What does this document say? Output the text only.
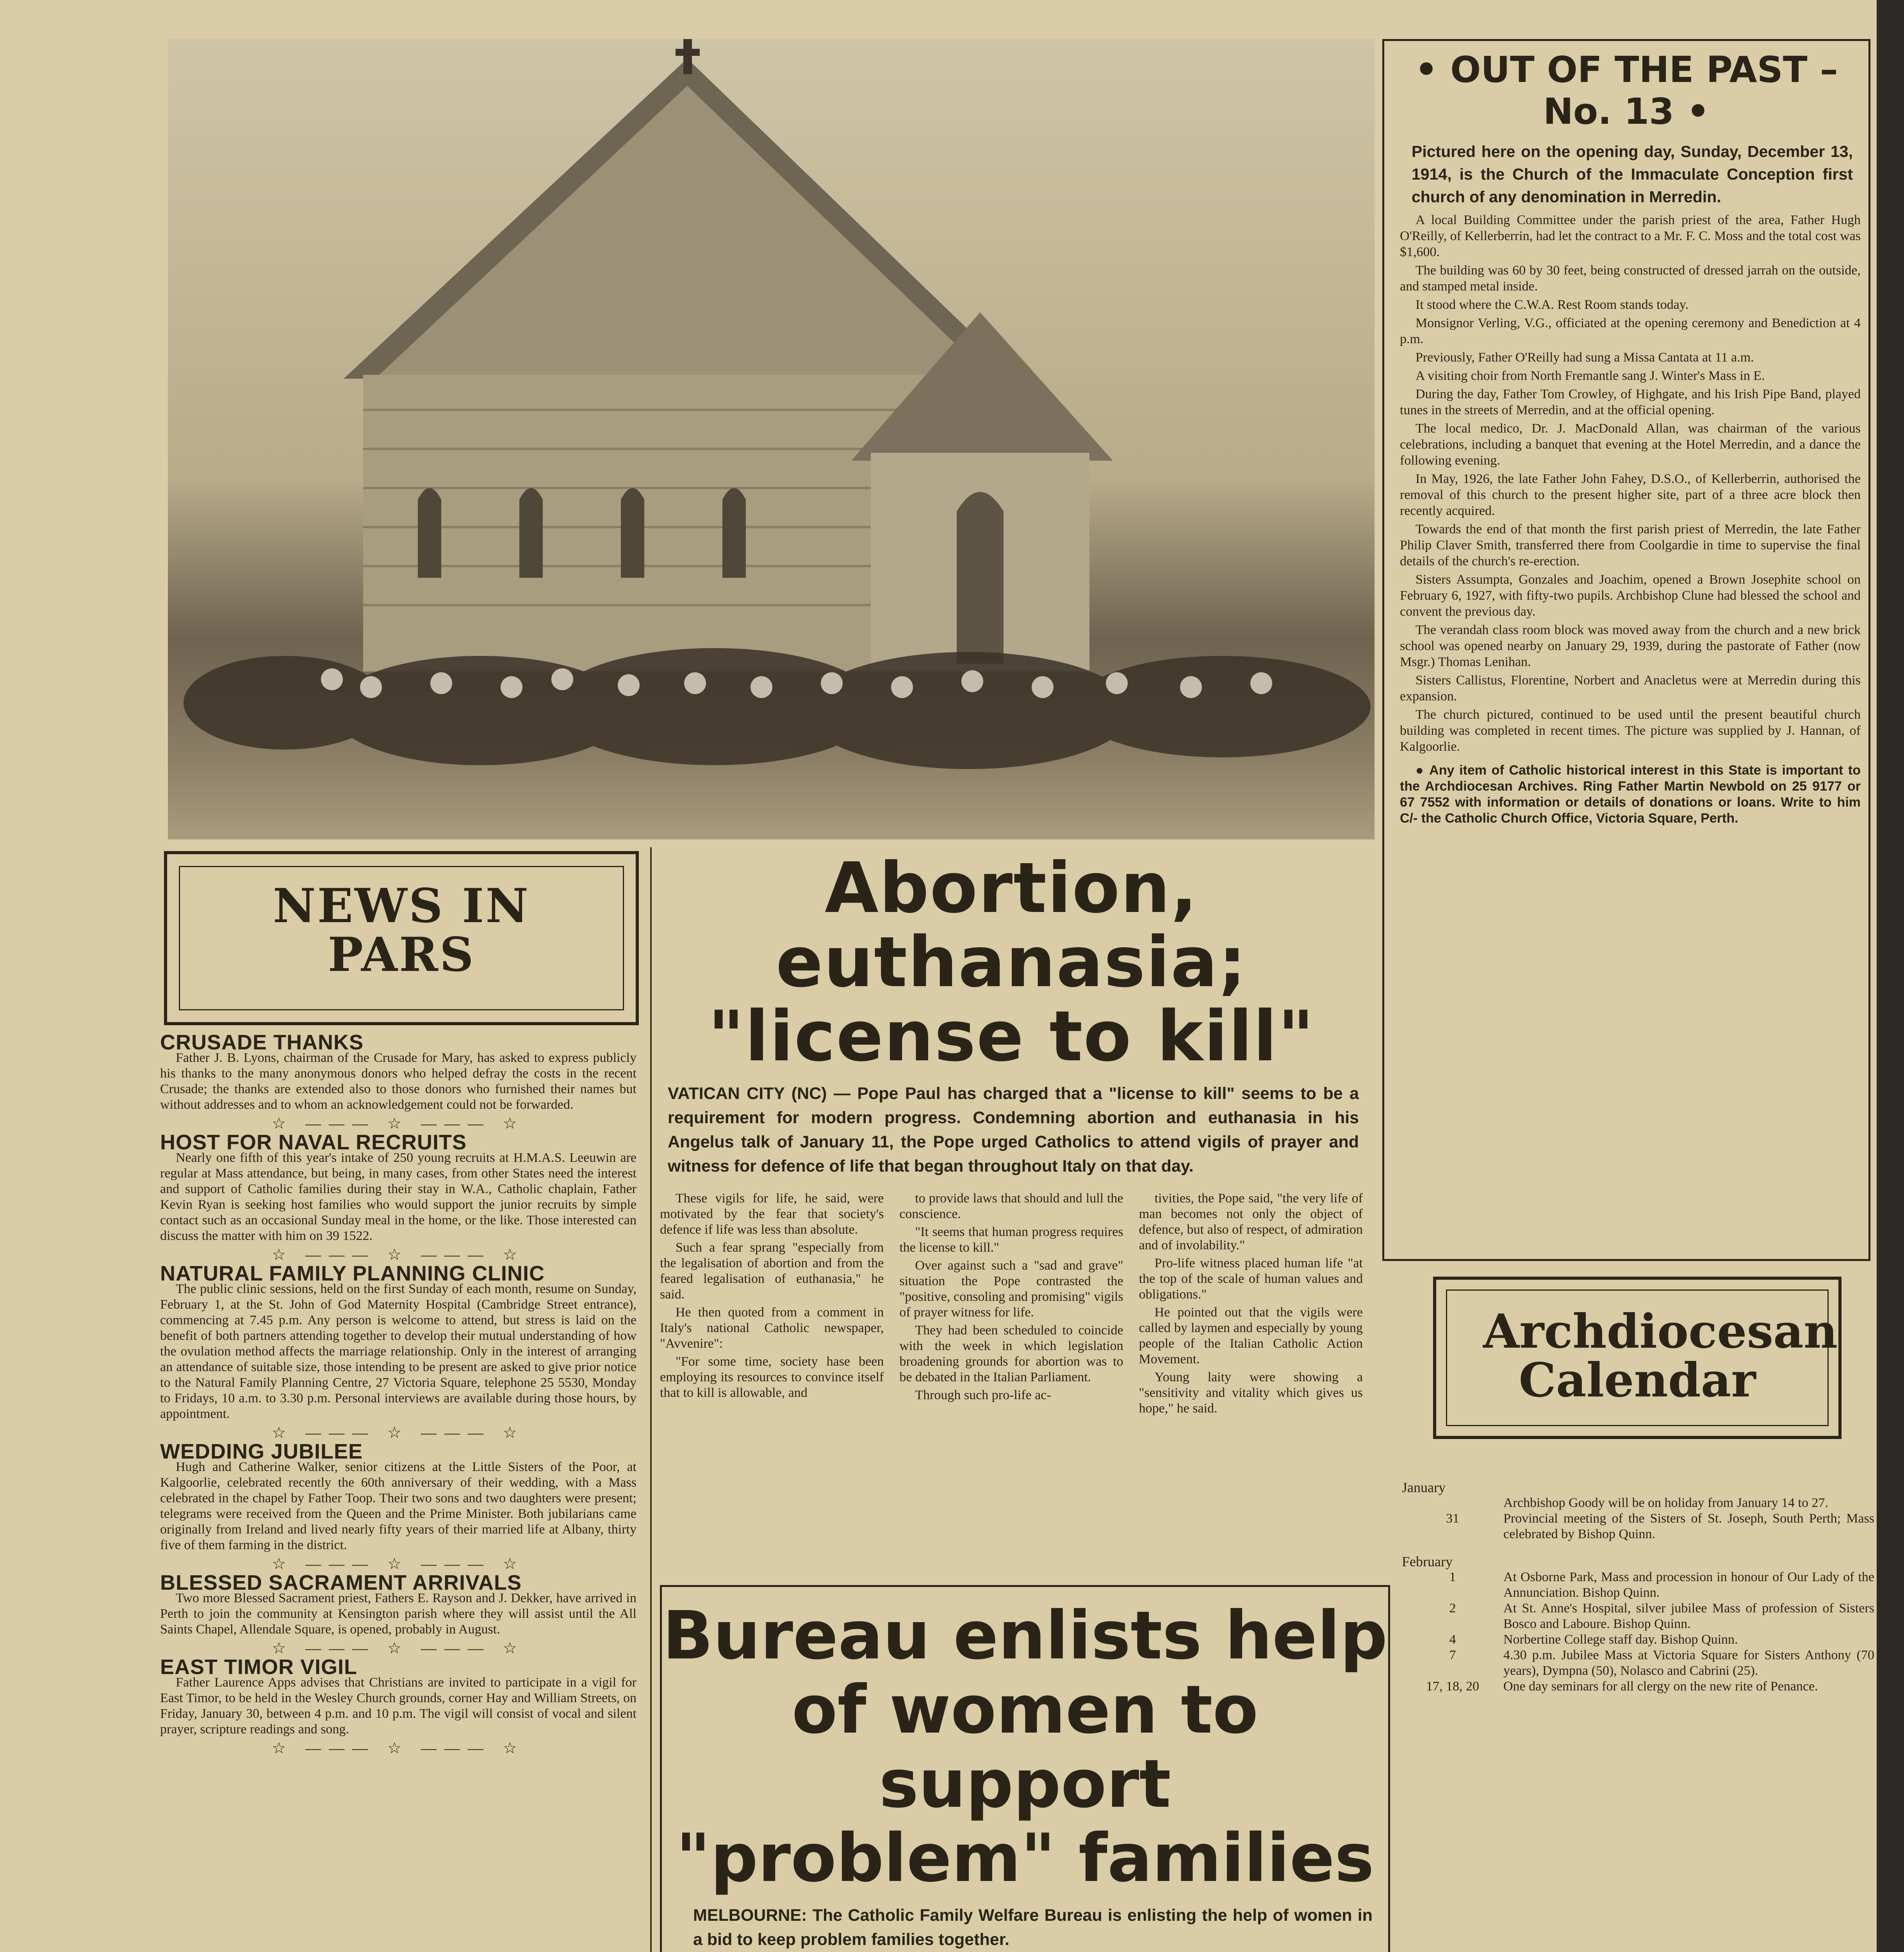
• OUT OF THE PAST – No. 13 •
Pictured here on the opening day, Sunday, December 13, 1914, is the Church of the Immaculate Conception first church of any denomination in Merredin.

A local Building Committee under the parish priest of the area, Father Hugh O'Reilly, of Kellerberrin, had let the contract to a Mr. F. C. Moss and the total cost was $1,600.

The building was 60 by 30 feet, being constructed of dressed jarrah on the outside, and stamped metal inside.

It stood where the C.W.A. Rest Room stands today.

Monsignor Verling, V.G., officiated at the opening ceremony and Benediction at 4 p.m.

Previously, Father O'Reilly had sung a Missa Cantata at 11 a.m.

A visiting choir from North Fremantle sang J. Winter's Mass in E.

During the day, Father Tom Crowley, of Highgate, and his Irish Pipe Band, played tunes in the streets of Merredin, and at the official opening.

The local medico, Dr. J. MacDonald Allan, was chairman of the various celebrations, including a banquet that evening at the Hotel Merredin, and a dance the following evening.

In May, 1926, the late Father John Fahey, D.S.O., of Kellerberrin, authorised the removal of this church to the present higher site, part of a three acre block then recently acquired.

Towards the end of that month the first parish priest of Merredin, the late Father Philip Claver Smith, transferred there from Coolgardie in time to supervise the final details of the church's re-erection.

Sisters Assumpta, Gonzales and Joachim, opened a Brown Josephite school on February 6, 1927, with fifty-two pupils. Archbishop Clune had blessed the school and convent the previous day.

The verandah class room block was moved away from the church and a new brick school was opened nearby on January 29, 1939, during the pastorate of Father (now Msgr.) Thomas Lenihan.

Sisters Callistus, Florentine, Norbert and Anacletus were at Merredin during this expansion.

The church pictured, continued to be used until the present beautiful church building was completed in recent times. The picture was supplied by J. Hannan, of Kalgoorlie.

● Any item of Catholic historical interest in this State is important to the Archdiocesan Archives. Ring Father Martin Newbold on 25 9177 or 67 7552 with information or details of donations or loans. Write to him C/- the Catholic Church Office, Victoria Square, Perth.

NEWS IN PARS
CRUSADE THANKS

Father J. B. Lyons, chairman of the Crusade for Mary, has asked to express publicly his thanks to the many anonymous donors who helped defray the costs in the recent Crusade; the thanks are extended also to those donors who furnished their names but without addresses and to whom an acknowledgement could not be forwarded.

☆ ——— ☆ ——— ☆
HOST FOR NAVAL RECRUITS

Nearly one fifth of this year's intake of 250 young recruits at H.M.A.S. Leeuwin are regular at Mass attendance, but being, in many cases, from other States need the interest and support of Catholic families during their stay in W.A., Catholic chaplain, Father Kevin Ryan is seeking host families who would support the junior recruits by simple contact such as an occasional Sunday meal in the home, or the like. Those interested can discuss the matter with him on 39 1522.

☆ ——— ☆ ——— ☆
NATURAL FAMILY PLANNING CLINIC

The public clinic sessions, held on the first Sunday of each month, resume on Sunday, February 1, at the St. John of God Maternity Hospital (Cambridge Street entrance), commencing at 7.45 p.m. Any person is welcome to attend, but stress is laid on the benefit of both partners attending together to develop their mutual understanding of how the ovulation method affects the marriage relationship. Only in the interest of arranging an attendance of suitable size, those intending to be present are asked to give prior notice to the Natural Family Planning Centre, 27 Victoria Square, telephone 25 5530, Monday to Fridays, 10 a.m. to 3.30 p.m. Personal interviews are available during those hours, by appointment.

☆ ——— ☆ ——— ☆
WEDDING JUBILEE

Hugh and Catherine Walker, senior citizens at the Little Sisters of the Poor, at Kalgoorlie, celebrated recently the 60th anniversary of their wedding, with a Mass celebrated in the chapel by Father Toop. Their two sons and two daughters were present; telegrams were received from the Queen and the Prime Minister. Both jubilarians came originally from Ireland and lived nearly fifty years of their married life at Albany, thirty five of them farming in the district.

☆ ——— ☆ ——— ☆
BLESSED SACRAMENT ARRIVALS

Two more Blessed Sacrament priest, Fathers E. Rayson and J. Dekker, have arrived in Perth to join the community at Kensington parish where they will assist until the All Saints Chapel, Allendale Square, is opened, probably in August.

☆ ——— ☆ ——— ☆
EAST TIMOR VIGIL

Father Laurence Apps advises that Christians are invited to participate in a vigil for East Timor, to be held in the Wesley Church grounds, corner Hay and William Streets, on Friday, January 30, between 4 p.m. and 10 p.m. The vigil will consist of vocal and silent prayer, scripture readings and song.

☆ ——— ☆ ——— ☆
Abortion, euthanasia;
"license to kill"
VATICAN CITY (NC) — Pope Paul has charged that a "license to kill" seems to be a requirement for modern progress. Condemning abortion and euthanasia in his Angelus talk of January 11, the Pope urged Catholics to attend vigils of prayer and witness for defence of life that began throughout Italy on that day.

These vigils for life, he said, were motivated by the fear that society's defence if life was less than absolute.

Such a fear sprang "especially from the legalisation of abortion and from the feared legalisation of euthanasia," he said.

He then quoted from a comment in Italy's national Catholic newspaper, "Avvenire":

"For some time, society hase been employing its resources to convince itself that to kill is allowable, and

to provide laws that should and lull the conscience.

"It seems that human progress requires the license to kill."

Over against such a "sad and grave" situation the Pope contrasted the "positive, consoling and promising" vigils of prayer witness for life.

They had been scheduled to coincide with the week in which legislation broadening grounds for abortion was to be debated in the Italian Parliament.

Through such pro-life ac-

tivities, the Pope said, "the very life of man becomes not only the object of defence, but also of respect, of admiration and of involability."

Pro-life witness placed human life "at the top of the scale of human values and obligations."

He pointed out that the vigils were called by laymen and especially by young people of the Italian Catholic Action Movement.

Young laity were showing a "sensitivity and vitality which gives us hope," he said.

Bureau enlists help
of women to support
"problem" families
MELBOURNE: The Catholic Family Welfare Bureau is enlisting the help of women in a bid to keep problem families together.

Archdiocesan Calendar
January
Archbishop Goody will be on holiday from January 14 to 27.
31	Provincial meeting of the Sisters of St. Joseph, South Perth; Mass celebrated by Bishop Quinn.
February
1	At Osborne Park, Mass and procession in honour of Our Lady of the Annunciation. Bishop Quinn.
2	At St. Anne's Hospital, silver jubilee Mass of profession of Sisters Bosco and Laboure. Bishop Quinn.
4	Norbertine College staff day. Bishop Quinn.
7	4.30 p.m. Jubilee Mass at Victoria Square for Sisters Anthony (70 years), Dympna (50), Nolasco and Cabrini (25).
17, 18, 20	One day seminars for all clergy on the new rite of Penance.
